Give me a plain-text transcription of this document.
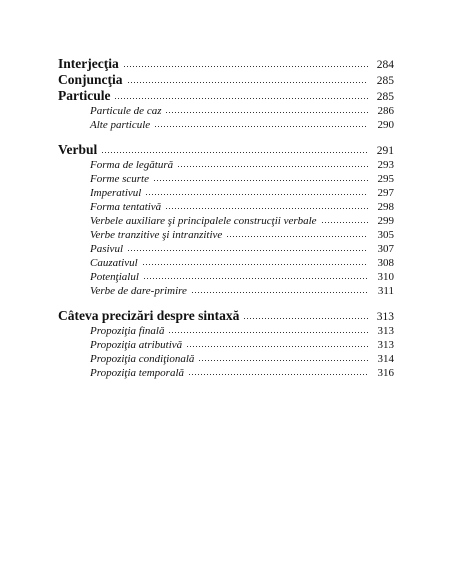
Interjecţia	284
Conjuncţia	285
Particule	285
Particule de caz	286
Alte particule	290
Verbul	291
Forma de legătură	293
Forme scurte	295
Imperativul	297
Forma tentativă	298
Verbele auxiliare şi principalele construcţii verbale	299
Verbe tranzitive şi intranzitive	305
Pasivul	307
Cauzativul	308
Potenţialul	310
Verbe de dare-primire	311
Câteva precizări despre sintaxă	313
Propoziţia finală	313
Propoziţia atributivă	313
Propoziţia condiţională	314
Propoziţia temporală	316
